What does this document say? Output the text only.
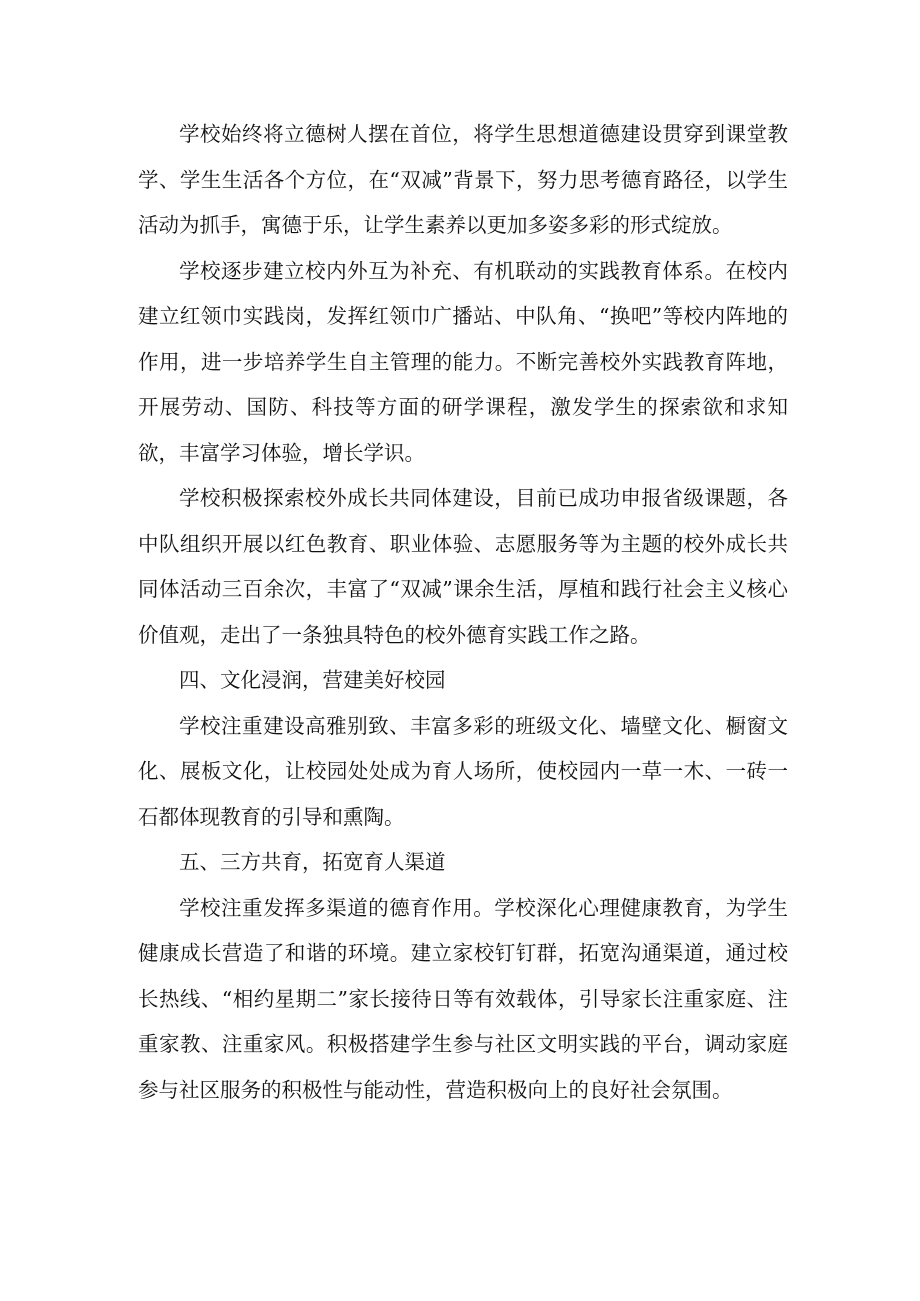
学校始终将立德树人摆在首位，将学生思想道德建设贯穿到课堂教学、学生生活各个方位，在“双减”背景下，努力思考德育路径，以学生活动为抓手，寓德于乐，让学生素养以更加多姿多彩的形式绽放。

学校逐步建立校内外互为补充、有机联动的实践教育体系。在校内建立红领巾实践岗，发挥红领巾广播站、中队角、“换吧”等校内阵地的作用，进一步培养学生自主管理的能力。不断完善校外实践教育阵地，开展劳动、国防、科技等方面的研学课程，激发学生的探索欲和求知欲，丰富学习体验，增长学识。

学校积极探索校外成长共同体建设，目前已成功申报省级课题，各中队组织开展以红色教育、职业体验、志愿服务等为主题的校外成长共同体活动三百余次，丰富了“双减”课余生活，厚植和践行社会主义核心价值观，走出了一条独具特色的校外德育实践工作之路。

四、文化浸润，营建美好校园

学校注重建设高雅别致、丰富多彩的班级文化、墙壁文化、橱窗文化、展板文化，让校园处处成为育人场所，使校园内一草一木、一砖一石都体现教育的引导和熏陶。

五、三方共育，拓宽育人渠道

学校注重发挥多渠道的德育作用。学校深化心理健康教育，为学生健康成长营造了和谐的环境。建立家校钉钉群，拓宽沟通渠道，通过校长热线、“相约星期二”家长接待日等有效载体，引导家长注重家庭、注重家教、注重家风。积极搭建学生参与社区文明实践的平台，调动家庭参与社区服务的积极性与能动性，营造积极向上的良好社会氛围。
